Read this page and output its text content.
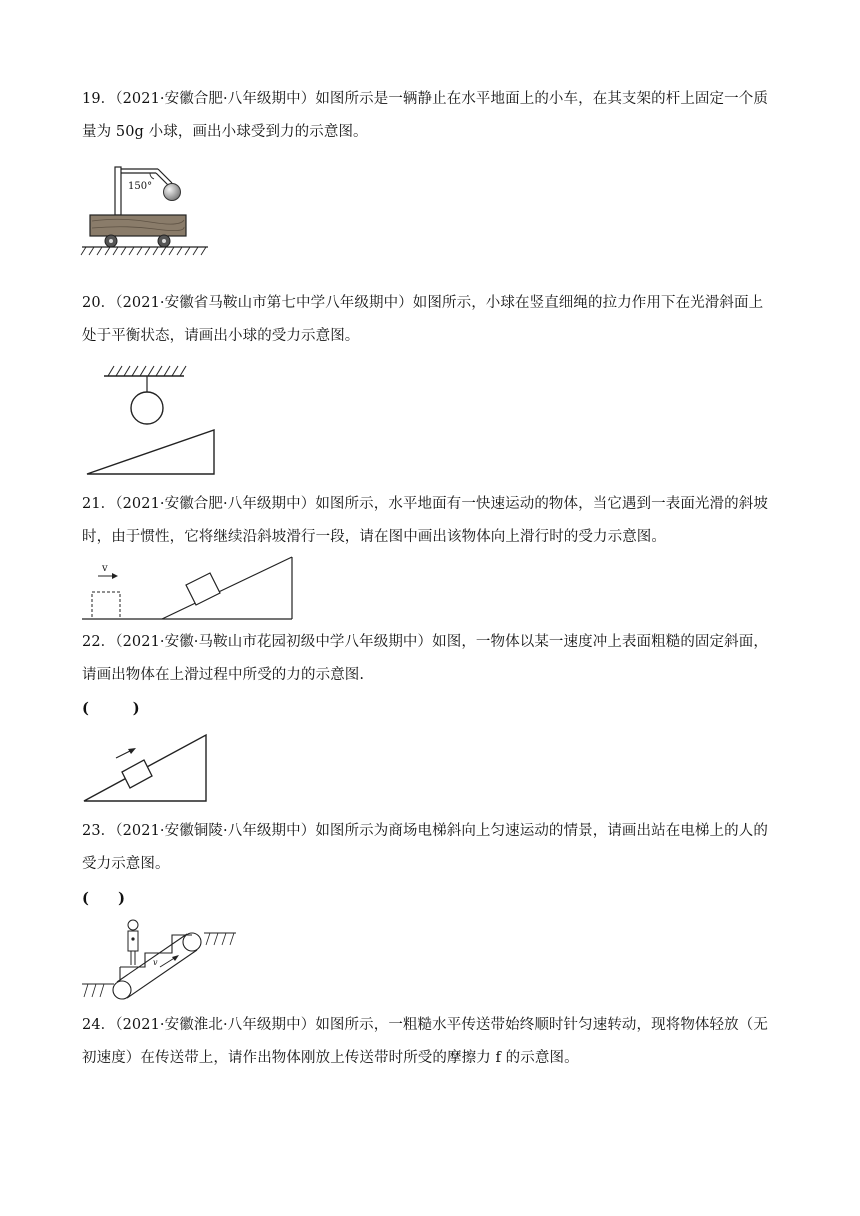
19．（2021·安徽合肥·八年级期中）如图所示是一辆静止在水平地面上的小车，在其支架的杆上固定一个质
量为 50g 小球，画出小球受到力的示意图。
150°
20．（2021·安徽省马鞍山市第七中学八年级期中）如图所示，小球在竖直细绳的拉力作用下在光滑斜面上
处于平衡状态，请画出小球的受力示意图。
21．（2021·安徽合肥·八年级期中）如图所示，水平地面有一快速运动的物体，当它遇到一表面光滑的斜坡
时，由于惯性，它将继续沿斜坡滑行一段，请在图中画出该物体向上滑行时的受力示意图。
v
22．（2021·安徽·马鞍山市花园初级中学八年级期中）如图，一物体以某一速度冲上表面粗糙的固定斜面，
请画出物体在上滑过程中所受的力的示意图.
(　　　)
23．（2021·安徽铜陵·八年级期中）如图所示为商场电梯斜向上匀速运动的情景，请画出站在电梯上的人的
受力示意图。
(　　)
v
24．（2021·安徽淮北·八年级期中）如图所示，一粗糙水平传送带始终顺时针匀速转动，现将物体轻放（无
初速度）在传送带上，请作出物体刚放上传送带时所受的摩擦力 f 的示意图。
